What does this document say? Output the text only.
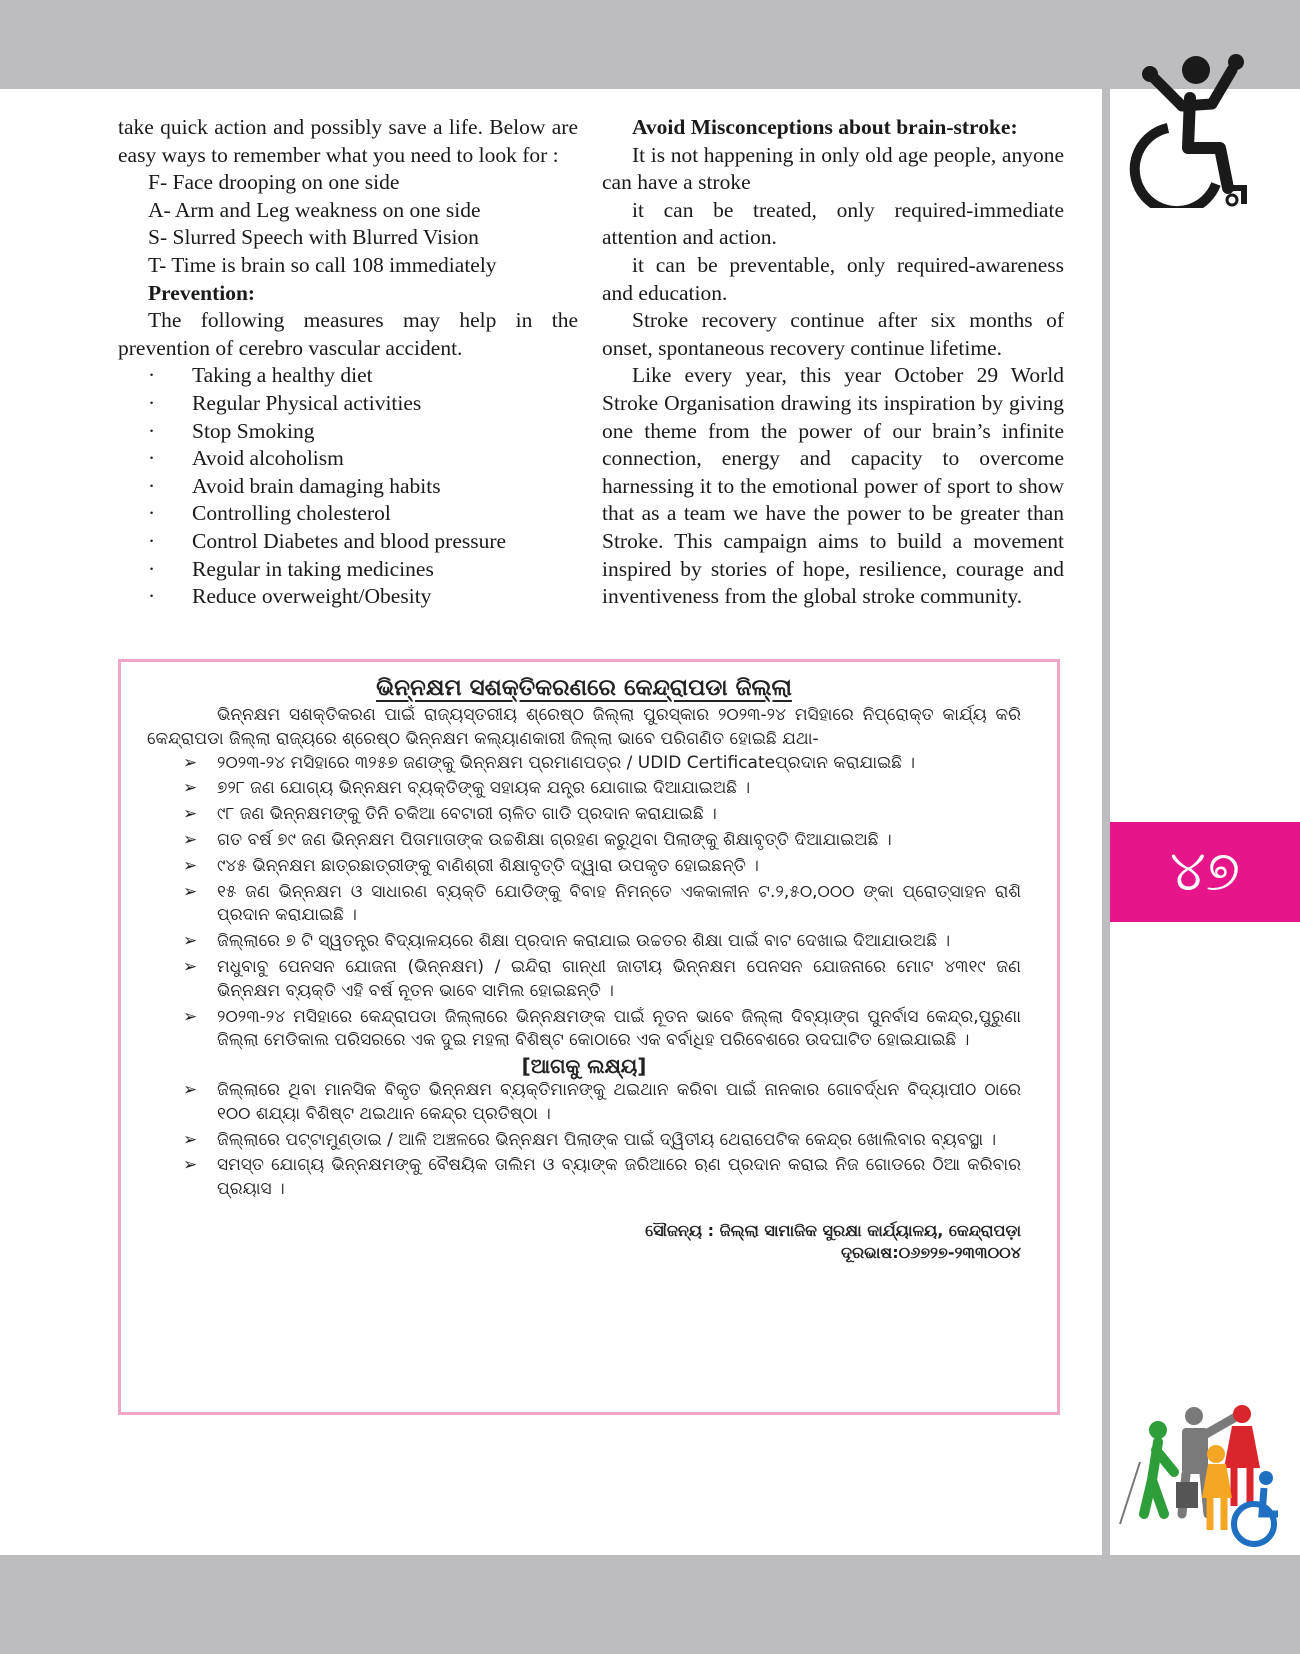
୪୭

take quick action and possibly save a life. Below are easy ways to remember what you need to look for :

F- Face drooping on one side

A- Arm and Leg weakness on one side

S- Slurred Speech with Blurred Vision

T- Time is brain so call 108 immediately

Prevention:

The following measures may help in the prevention of cerebro vascular accident.

·	Taking a healthy diet
·	Regular Physical activities
·	Stop Smoking
·	Avoid alcoholism
·	Avoid brain damaging habits
·	Controlling cholesterol
·	Control Diabetes and blood pressure
·	Regular in taking medicines
·	Reduce overweight/Obesity

Avoid Misconceptions about brain-stroke:

It is not happening in only old age people, anyone can have a stroke

it can be treated, only required-immediate attention and action.

it can be preventable, only required-awareness and education.

Stroke recovery continue after six months of onset, spontaneous recovery continue lifetime.

Like every year, this year October 29 World Stroke Organisation drawing its inspiration by giving one theme from the power of our brain’s infinite connection, energy and capacity to overcome harnessing it to the emotional power of sport to show that as a team we have the power to be greater than Stroke. This campaign aims to build a movement inspired by stories of hope, resilience, courage and inventiveness from the global stroke community.

ଭିନ୍ନକ୍ଷମ ସଶକ୍ତିକରଣରେ କେନ୍ଦ୍ରାପଡା ଜିଲ୍ଲା

ଭିନ୍ନକ୍ଷମ ସଶକ୍ତିକରଣ ପାଇଁ ରାଜ୍ୟସ୍ତରୀୟ ଶ୍ରେଷ୍ଠ ଜିଲ୍ଲା ପୁରସ୍କାର ୨୦୨୩-୨୪ ମସିହାରେ ନିପ୍ରୋକ୍ତ କାର୍ଯ୍ୟ କରି କେନ୍ଦ୍ରାପଡା ଜିଲ୍ଲା ରାଜ୍ୟରେ ଶ୍ରେଷ୍ଠ ଭିନ୍ନକ୍ଷମ କଲ୍ୟାଣକାରୀ ଜିଲ୍ଲା ଭାବେ ପରିଗଣିତ ହୋଇଛି ଯଥା-

➢	୨୦୨୩-୨୪ ମସିହାରେ ୩୨୫୭ ଜଣଙ୍କୁ ଭିନ୍ନକ୍ଷମ ପ୍ରମାଣପତ୍ର / UDID Certificateପ୍ରଦାନ କରାଯାଇଛି ।
➢	୭୨୮ ଜଣ ଯୋଗ୍ୟ ଭିନ୍ନକ୍ଷମ ବ୍ୟକ୍ତିଙ୍କୁ ସହାୟକ ଯନ୍ତ୍ର ଯୋଗାଇ ଦିଆଯାଇଅଛି ।
➢	୯୮ ଜଣ ଭିନ୍ନକ୍ଷମଙ୍କୁ ତିନି ଚକିଆ ବେଟାରୀ ଚାଳିତ ଗାଡି ପ୍ରଦାନ କରାଯାଇଛି ।
➢	ଗତ ବର୍ଷ ୭୯ ଜଣ ଭିନ୍ନକ୍ଷମ ପିତାମାତାଙ୍କ ଉଚ୍ଚଶିକ୍ଷା ଗ୍ରହଣ କରୁଥିବା ପିଲାଙ୍କୁ ଶିକ୍ଷାବୃତ୍ତି ଦିଆଯାଇଅଛି ।
➢	୯୪୫ ଭିନ୍ନକ୍ଷମ ଛାତ୍ରଛାତ୍ରୀଙ୍କୁ ବାଣିଶ୍ରୀ ଶିକ୍ଷାବୃତ୍ତି ଦ୍ୱାରା ଉପକୃତ ହୋଇଛନ୍ତି ।
➢	୧୫ ଜଣ ଭିନ୍ନକ୍ଷମ ଓ ସାଧାରଣ ବ୍ୟକ୍ତି ଯୋଡିଙ୍କୁ ବିବାହ ନିମନ୍ତେ ଏକକାଳୀନ ଟ.୨,୫୦,୦୦୦ ଙ୍କା ପ୍ରୋତ୍ସାହନ ରାଶି ପ୍ରଦାନ କରାଯାଇଛି ।
➢	ଜିଲ୍ଲାରେ ୭ ଟି ସ୍ୱତନ୍ତ୍ର ବିଦ୍ୟାଳୟରେ ଶିକ୍ଷା ପ୍ରଦାନ କରାଯାଇ ଉଚ୍ଚତର ଶିକ୍ଷା ପାଇଁ ବାଟ ଦେଖାଇ ଦିଆଯାଉଅଛି ।
➢	ମଧୁବାବୁ ପେନସନ ଯୋଜନା (ଭିନ୍ନକ୍ଷମ) / ଇନ୍ଦିରା ଗାନ୍ଧୀ ଜାତୀୟ ଭିନ୍ନକ୍ଷମ ପେନସନ ଯୋଜନାରେ ମୋଟ ୪୩୧୯ ଜଣ ଭିନ୍ନକ୍ଷମ ବ୍ୟକ୍ତି ଏହି ବର୍ଷ ନୂତନ ଭାବେ ସାମିଲ ହୋଇଛନ୍ତି ।
➢	୨୦୨୩-୨୪ ମସିହାରେ କେନ୍ଦ୍ରାପଡା ଜିଲ୍ଲାରେ ଭିନ୍ନକ୍ଷମଙ୍କ ପାଇଁ ନୂତନ ଭାବେ ଜିଲ୍ଲା ଦିବ୍ୟାଙ୍ଗ ପୁନର୍ବାସ କେନ୍ଦ୍ର,ପୁରୁଣା ଜିଲ୍ଲା ମେଡିକାଲ ପରିସରରେ ଏକ ଦୁଇ ମହଲା ବିଶିଷ୍ଟ କୋଠାରେ ଏକ ବର୍ବାଧିହ ପରିବେଶରେ ଉଦଘାଟିତ ହୋଇଯାଇଛି ।

[ଆଗକୁ ଲକ୍ଷ୍ୟ]

➢	ଜିଲ୍ଲାରେ ଥିବା ମାନସିକ ବିକୃତ ଭିନ୍ନକ୍ଷମ ବ୍ୟକ୍ତିମାନଙ୍କୁ ଥଇଥାନ କରିବା ପାଇଁ ନାନକାର ଗୋବର୍ଦ୍ଧନ ବିଦ୍ୟାପୀଠ ଠାରେ ୧୦୦ ଶଯ୍ୟା ବିଶିଷ୍ଟ ଥଇଥାନ କେନ୍ଦ୍ର ପ୍ରତିଷ୍ଠା ।
➢	ଜିଲ୍ଲାରେ ପଟ୍ଟାମୁଣ୍ଡାଇ / ଆଳି ଅଞ୍ଚଳରେ ଭିନ୍ନକ୍ଷମ ପିଲାଙ୍କ ପାଇଁ ଦ୍ୱିତୀୟ ଥେରାପେଟିକ କେନ୍ଦ୍ର ଖୋଲିବାର ବ୍ୟବସ୍ଥା ।
➢	ସମସ୍ତ ଯୋଗ୍ୟ ଭିନ୍ନକ୍ଷମଙ୍କୁ ବୈଷୟିକ ତାଲିମ ଓ ବ୍ୟାଙ୍କ ଜରିଆରେ ଋଣ ପ୍ରଦାନ କରାଇ ନିଜ ଗୋଡରେ ଠିଆ କରିବାର ପ୍ରୟାସ ।

ସୌଜନ୍ୟ : ଜିଲ୍ଲା ସାମାଜିକ ସୁରକ୍ଷା କାର୍ଯ୍ୟାଳୟ, କେନ୍ଦ୍ରାପଡ଼ା

ଦୂରଭାଷ:୦୬୭୨୭-୨୩୩୦୦୪
